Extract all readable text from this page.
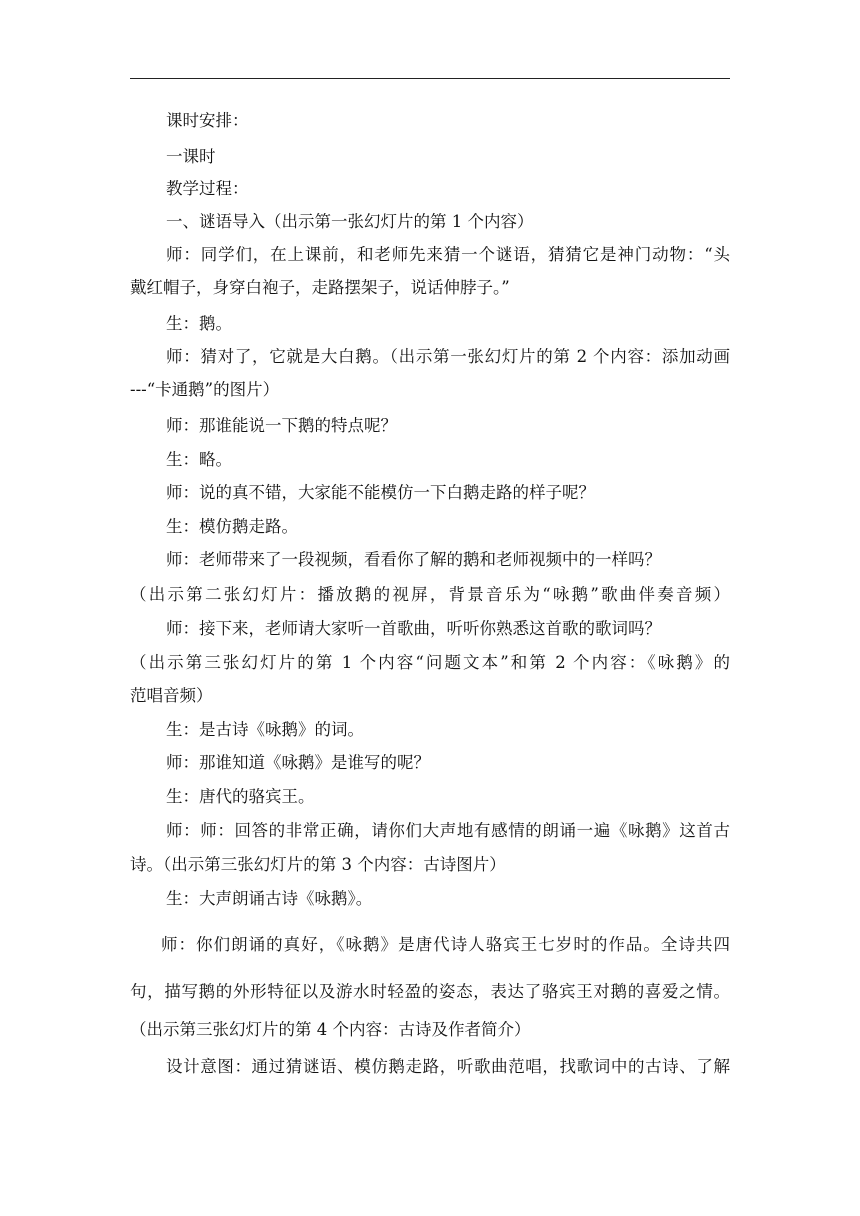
课时安排：
一课时
教学过程：
一、谜语导入（出示第一张幻灯片的第 1 个内容）
师：同学们，在上课前，和老师先来猜一个谜语，猜猜它是神门动物：“头
戴红帽子，身穿白袍子，走路摆架子，说话伸脖子。”
生：鹅。
师：猜对了，它就是大白鹅。（出示第一张幻灯片的第 2 个内容：添加动画
---“卡通鹅”的图片）
师：那谁能说一下鹅的特点呢？
生：略。
师：说的真不错，大家能不能模仿一下白鹅走路的样子呢？
生：模仿鹅走路。
师：老师带来了一段视频，看看你了解的鹅和老师视频中的一样吗？
（出示第二张幻灯片：播放鹅的视屏，背景音乐为“咏鹅”歌曲伴奏音频）
师：接下来，老师请大家听一首歌曲，听听你熟悉这首歌的歌词吗？
（出示第三张幻灯片的第 1 个内容“问题文本”和第 2 个内容：《咏鹅》的
范唱音频）
生：是古诗《咏鹅》的词。
师：那谁知道《咏鹅》是谁写的呢？
生：唐代的骆宾王。
师：师：回答的非常正确，请你们大声地有感情的朗诵一遍《咏鹅》这首古
诗。（出示第三张幻灯片的第 3 个内容：古诗图片）
生：大声朗诵古诗《咏鹅》。
师：你们朗诵的真好，《咏鹅》是唐代诗人骆宾王七岁时的作品。全诗共四
句，描写鹅的外形特征以及游水时轻盈的姿态，表达了骆宾王对鹅的喜爱之情。
（出示第三张幻灯片的第 4 个内容：古诗及作者简介）
设计意图：通过猜谜语、模仿鹅走路，听歌曲范唱，找歌词中的古诗、了解
